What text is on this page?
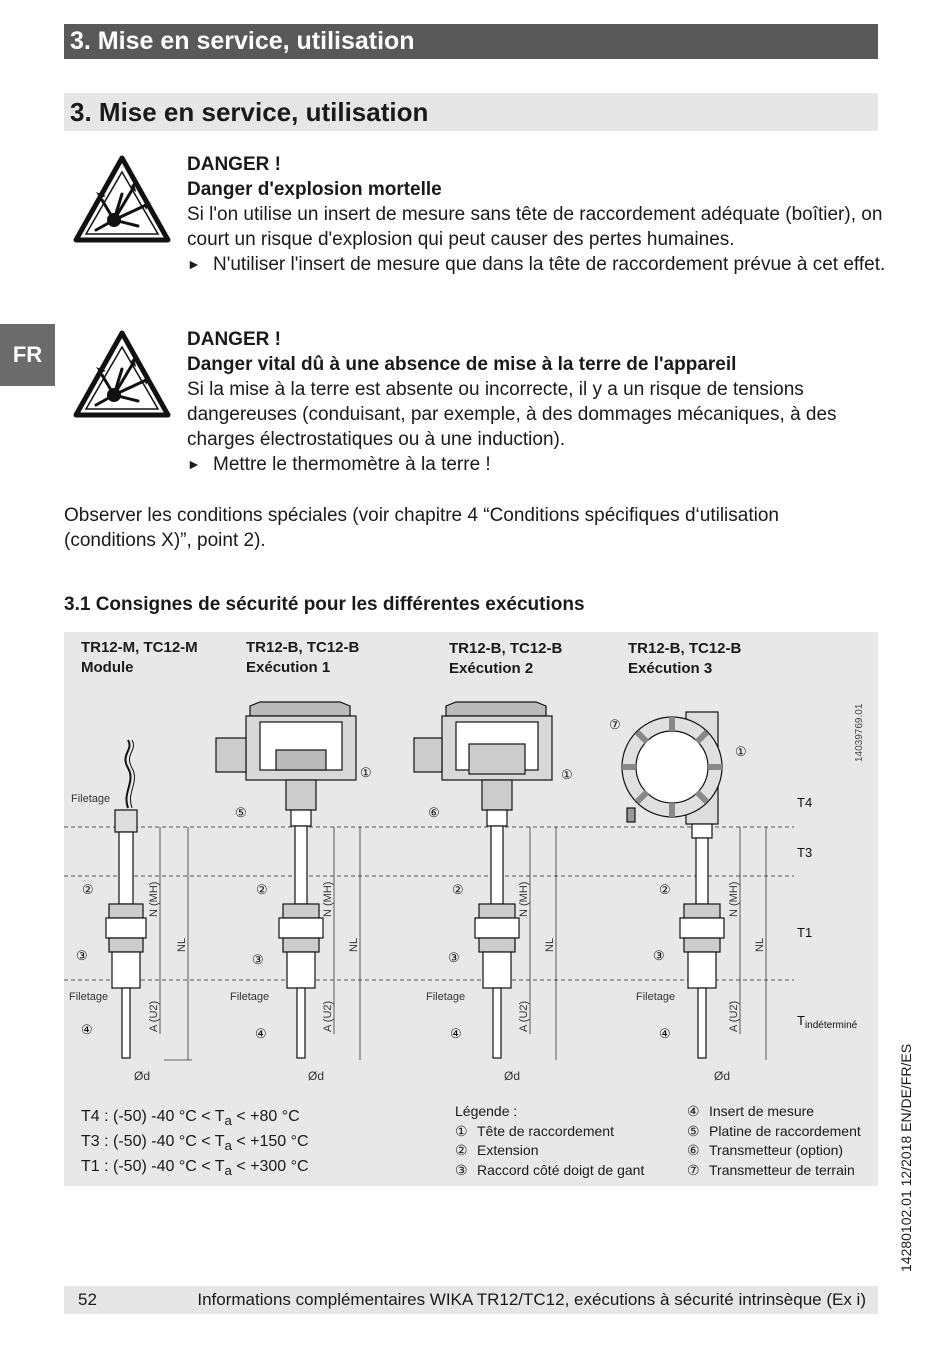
3. Mise en service, utilisation
3. Mise en service, utilisation
FR
DANGER !
Danger d'explosion mortelle
Si l'on utilise un insert de mesure sans tête de raccordement adéquate (boîtier), on court un risque d'explosion qui peut causer des pertes humaines.
► N'utiliser l'insert de mesure que dans la tête de raccordement prévue à cet effet.
DANGER !
Danger vital dû à une absence de mise à la terre de l'appareil
Si la mise à la terre est absente ou incorrecte, il y a un risque de tensions dangereuses (conduisant, par exemple, à des dommages mécaniques, à des charges électrostatiques ou à une induction).
► Mettre le thermomètre à la terre !
Observer les conditions spéciales (voir chapitre 4 “Conditions spécifiques d‘utilisation (conditions X)”, point 2).
3.1 Consignes de sécurité pour les différentes exécutions
TR12-M, TC12-M
Module
TR12-B, TC12-B
Exécution 1
TR12-B, TC12-B
Exécution 2
TR12-B, TC12-B
Exécution 3
T4
T3
T1
$T_{indéterminé}$
14039769.01
Filetage
Filetage
N (MH)
A (U2)
NL
Ød
Filetage
N (MH)
A (U2)
NL
Ød
Filetage
N (MH)
A (U2)
NL
Ød
Filetage
N (MH)
A (U2)
NL
Ød
②
③
④
①
⑤
②
③
④
①
⑥
②
③
④
⑦
①
②
③
④
T4 : (-50) -40 $^\circ C < T_a < +80$ °C
T3 : (-50) -40 $^\circ C < T_a < +150$ °C
T1 : (-50) -40 $^\circ C < T_a < +300$ °C
Légende :
① Tête de raccordement
② Extension
③ Raccord côté doigt de gant
④ Insert de mesure
⑤ Platine de raccordement
⑥ Transmetteur (option)
⑦ Transmetteur de terrain
52	Informations complémentaires WIKA TR12/TC12, exécutions à sécurité intrinsèque (Ex i)
14280102.01 12/2018 EN/DE/FR/ES
